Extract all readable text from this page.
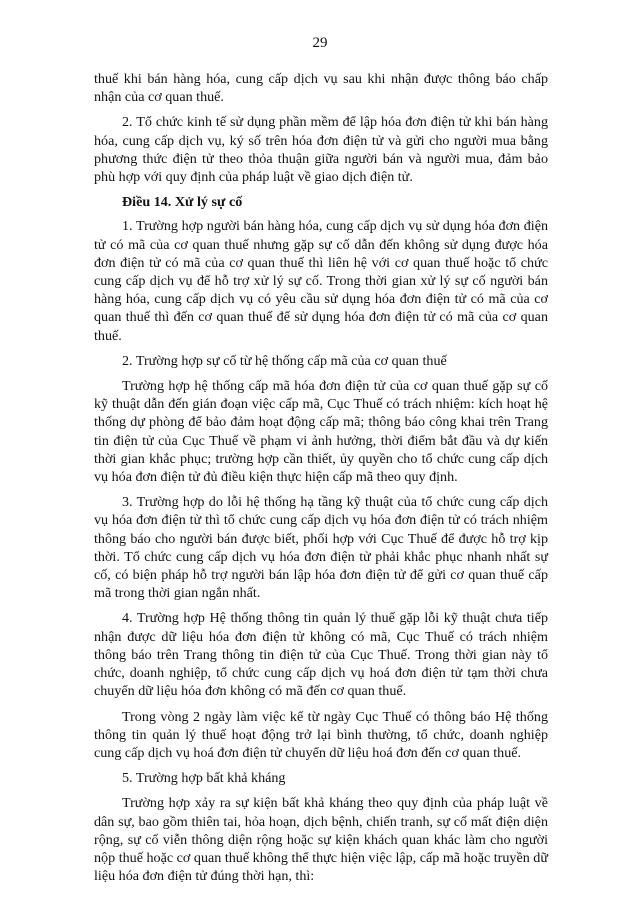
29

thuế khi bán hàng hóa, cung cấp dịch vụ sau khi nhận được thông báo chấp nhận của cơ quan thuế.

2. Tổ chức kinh tế sử dụng phần mềm để lập hóa đơn điện tử khi bán hàng hóa, cung cấp dịch vụ, ký số trên hóa đơn điện tử và gửi cho người mua bằng phương thức điện tử theo thỏa thuận giữa người bán và người mua, đảm bảo phù hợp với quy định của pháp luật về giao dịch điện tử.

Điều 14. Xử lý sự cố

1. Trường hợp người bán hàng hóa, cung cấp dịch vụ sử dụng hóa đơn điện tử có mã của cơ quan thuế nhưng gặp sự cố dẫn đến không sử dụng được hóa đơn điện tử có mã của cơ quan thuế thì liên hệ với cơ quan thuế hoặc tổ chức cung cấp dịch vụ để hỗ trợ xử lý sự cố. Trong thời gian xử lý sự cố người bán hàng hóa, cung cấp dịch vụ có yêu cầu sử dụng hóa đơn điện tử có mã của cơ quan thuế thì đến cơ quan thuế để sử dụng hóa đơn điện tử có mã của cơ quan thuế.

2. Trường hợp sự cố từ hệ thống cấp mã của cơ quan thuế

Trường hợp hệ thống cấp mã hóa đơn điện tử của cơ quan thuế gặp sự cố kỹ thuật dẫn đến gián đoạn việc cấp mã, Cục Thuế có trách nhiệm: kích hoạt hệ thống dự phòng để bảo đảm hoạt động cấp mã; thông báo công khai trên Trang tin điện tử của Cục Thuế về phạm vi ảnh hưởng, thời điểm bắt đầu và dự kiến thời gian khắc phục; trường hợp cần thiết, ủy quyền cho tổ chức cung cấp dịch vụ hóa đơn điện tử đủ điều kiện thực hiện cấp mã theo quy định.

3. Trường hợp do lỗi hệ thống hạ tầng kỹ thuật của tổ chức cung cấp dịch vụ hóa đơn điện tử thì tổ chức cung cấp dịch vụ hóa đơn điện tử có trách nhiệm thông báo cho người bán được biết, phối hợp với Cục Thuế để được hỗ trợ kịp thời. Tổ chức cung cấp dịch vụ hóa đơn điện tử phải khắc phục nhanh nhất sự cố, có biện pháp hỗ trợ người bán lập hóa đơn điện tử để gửi cơ quan thuế cấp mã trong thời gian ngắn nhất.

4. Trường hợp Hệ thống thông tin quản lý thuế gặp lỗi kỹ thuật chưa tiếp nhận được dữ liệu hóa đơn điện tử không có mã, Cục Thuế có trách nhiệm thông báo trên Trang thông tin điện tử của Cục Thuế. Trong thời gian này tổ chức, doanh nghiệp, tổ chức cung cấp dịch vụ hoá đơn điện tử tạm thời chưa chuyển dữ liệu hóa đơn không có mã đến cơ quan thuế.

Trong vòng 2 ngày làm việc kể từ ngày Cục Thuế có thông báo Hệ thống thông tin quản lý thuế hoạt động trở lại bình thường, tổ chức, doanh nghiệp cung cấp dịch vụ hoá đơn điện tử chuyển dữ liệu hoá đơn đến cơ quan thuế.

5. Trường hợp bất khả kháng

Trường hợp xảy ra sự kiện bất khả kháng theo quy định của pháp luật về dân sự, bao gồm thiên tai, hỏa hoạn, dịch bệnh, chiến tranh, sự cố mất điện diện rộng, sự cố viễn thông diện rộng hoặc sự kiện khách quan khác làm cho người nộp thuế hoặc cơ quan thuế không thể thực hiện việc lập, cấp mã hoặc truyền dữ liệu hóa đơn điện tử đúng thời hạn, thì:
